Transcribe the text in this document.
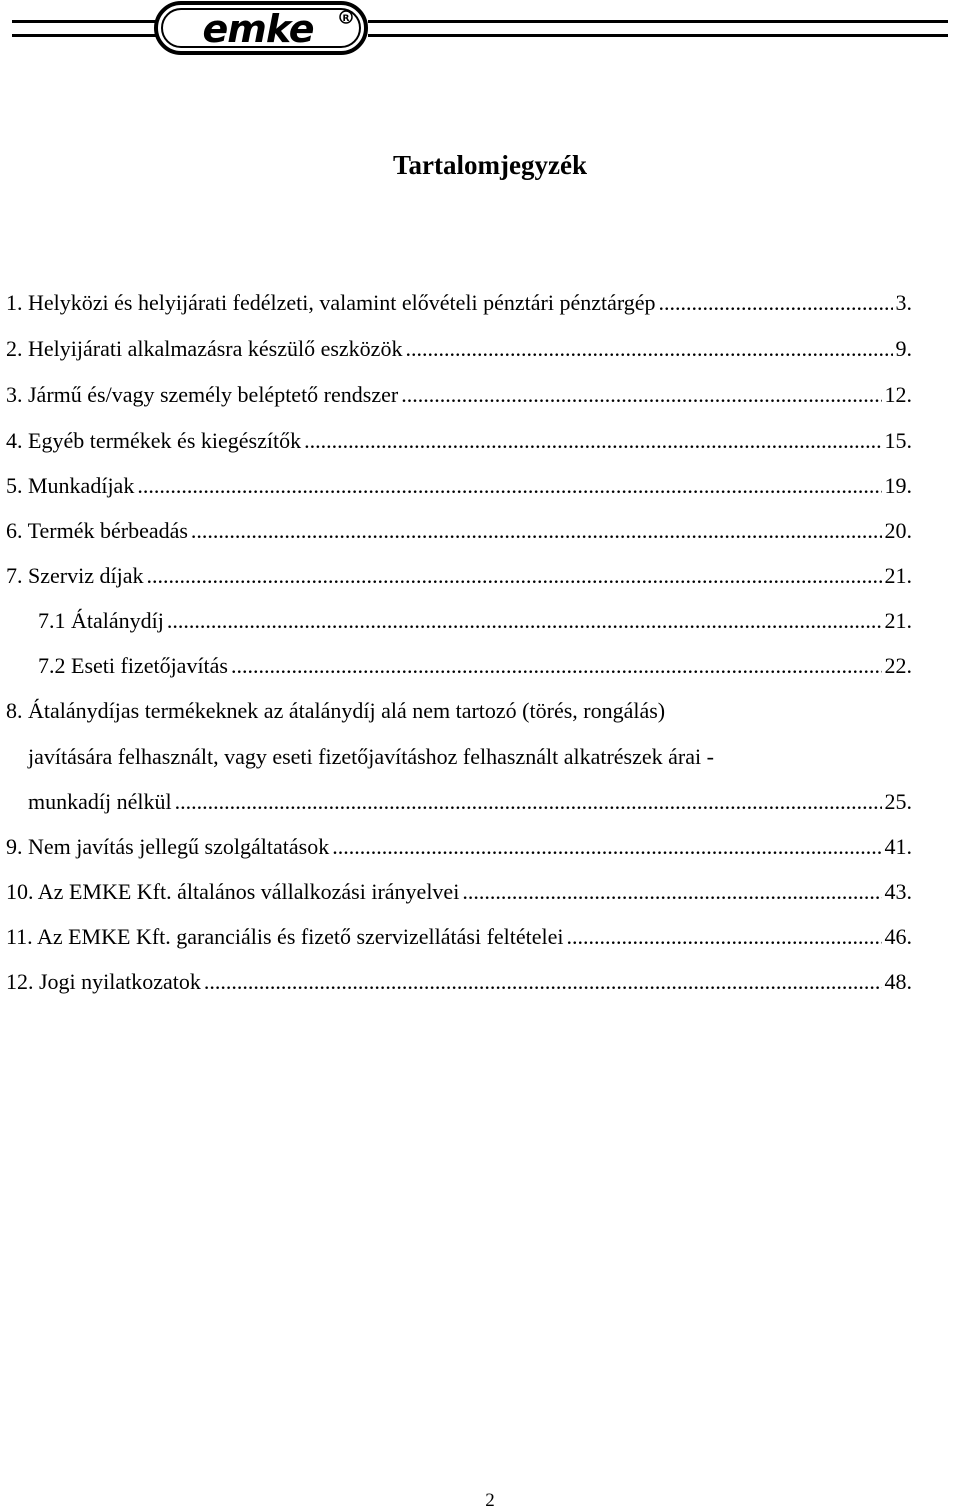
emke	R
Tartalomjegyzék
1. Helyközi és helyijárati fedélzeti, valamint elővételi pénztári pénztárgép .....	3.
2. Helyijárati alkalmazásra készülő eszközök .....	9.
3. Jármű és/vagy személy beléptető rendszer .....	12.
4. Egyéb termékek és kiegészítők .....	15.
5. Munkadíjak .....	19.
6. Termék bérbeadás .....	20.
7. Szerviz díjak .....	21.
7.1 Átalánydíj .....	21.
7.2 Eseti fizetőjavítás .....	22.
8. Átalánydíjas termékeknek az átalánydíj alá nem tartozó (törés, rongálás)
javítására felhasznált, vagy eseti fizetőjavításhoz felhasznált alkatrészek árai -
munkadíj nélkül .....	25.
9. Nem javítás jellegű szolgáltatások .....	41.
10. Az EMKE Kft. általános vállalkozási irányelvei .....	43.
11. Az EMKE Kft. garanciális és fizető szervizellátási feltételei .....	46.
12. Jogi nyilatkozatok .....	48.
2
